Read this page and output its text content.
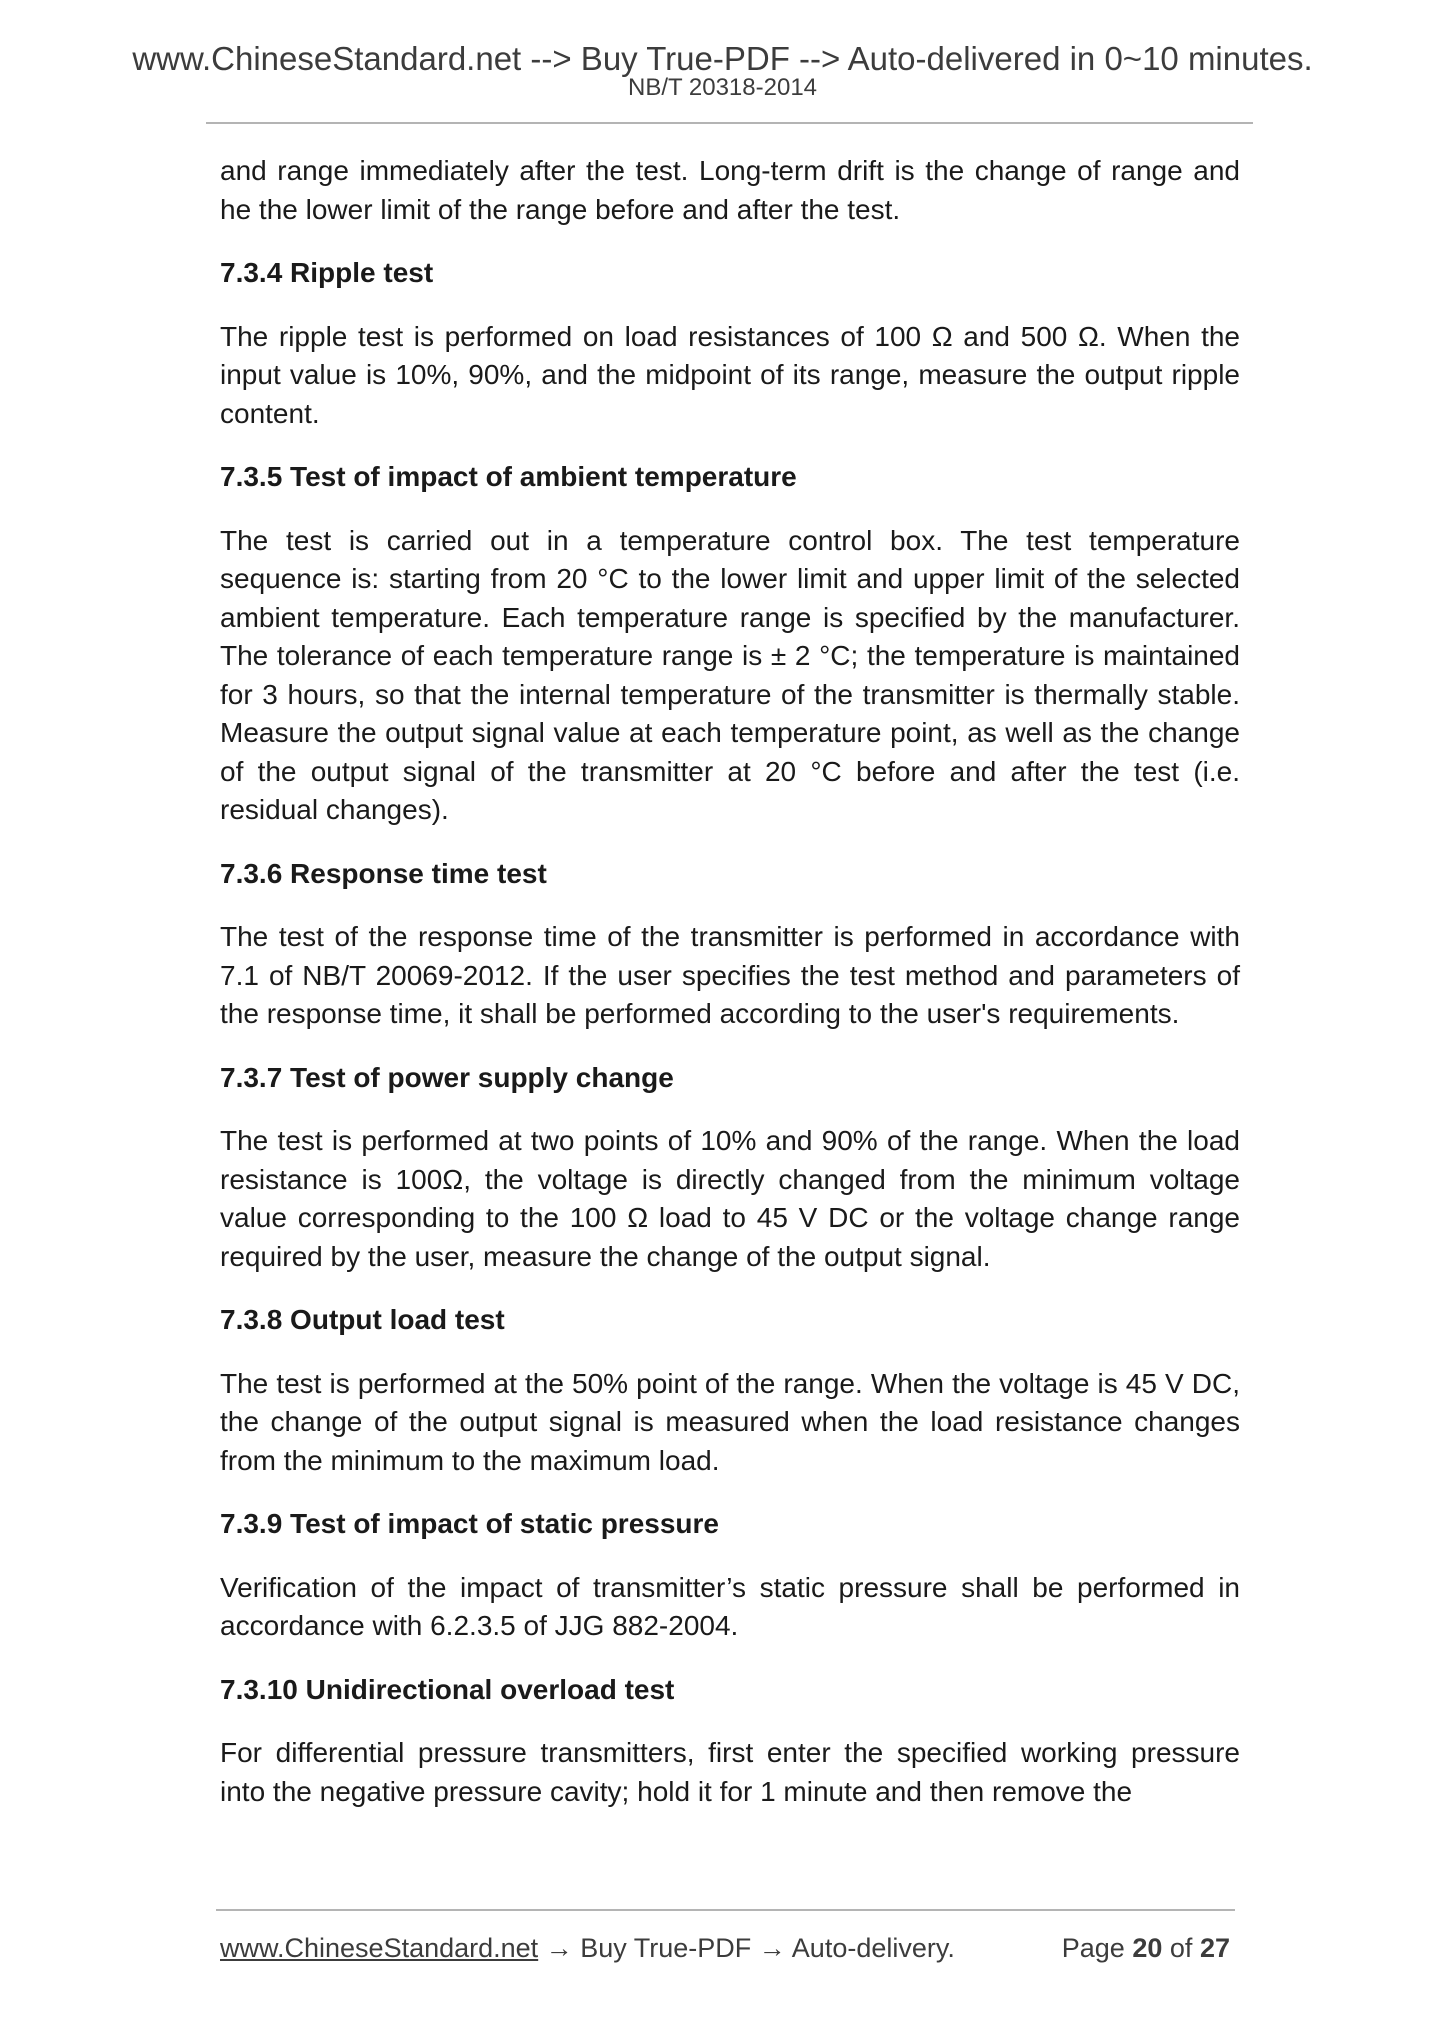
www.ChineseStandard.net --> Buy True-PDF --> Auto-delivered in 0~10 minutes.
NB/T 20318-2014

and range immediately after the test. Long-term drift is the change of range and he the lower limit of the range before and after the test.

7.3.4 Ripple test

The ripple test is performed on load resistances of 100 Ω and 500 Ω. When the input value is 10%, 90%, and the midpoint of its range, measure the output ripple content.

7.3.5 Test of impact of ambient temperature

The test is carried out in a temperature control box. The test temperature sequence is: starting from 20 °C to the lower limit and upper limit of the selected ambient temperature. Each temperature range is specified by the manufacturer. The tolerance of each temperature range is ± 2 °C; the temperature is maintained for 3 hours, so that the internal temperature of the transmitter is thermally stable. Measure the output signal value at each temperature point, as well as the change of the output signal of the transmitter at 20 °C before and after the test (i.e. residual changes).

7.3.6 Response time test

The test of the response time of the transmitter is performed in accordance with 7.1 of NB/T 20069-2012. If the user specifies the test method and parameters of the response time, it shall be performed according to the user's requirements.

7.3.7 Test of power supply change

The test is performed at two points of 10% and 90% of the range. When the load resistance is 100Ω, the voltage is directly changed from the minimum voltage value corresponding to the 100 Ω load to 45 V DC or the voltage change range required by the user, measure the change of the output signal.

7.3.8 Output load test

The test is performed at the 50% point of the range. When the voltage is 45 V DC, the change of the output signal is measured when the load resistance changes from the minimum to the maximum load.

7.3.9 Test of impact of static pressure

Verification of the impact of transmitter’s static pressure shall be performed in accordance with 6.2.3.5 of JJG 882-2004.

7.3.10 Unidirectional overload test

For differential pressure transmitters, first enter the specified working pressure into the negative pressure cavity; hold it for 1 minute and then remove the

www.ChineseStandard.net → Buy True-PDF → Auto-delivery.	Page 20 of 27
